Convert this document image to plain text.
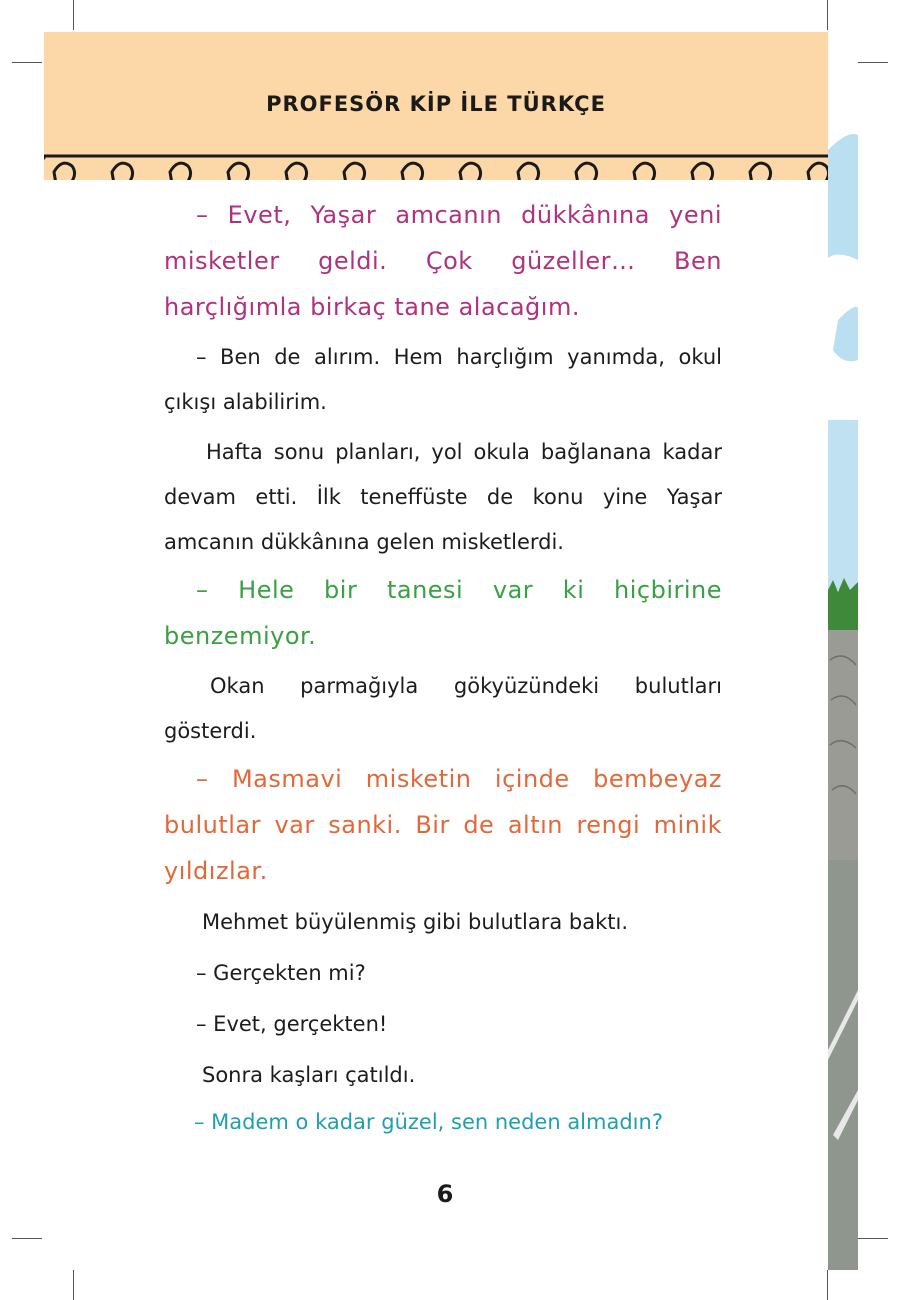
PROFESÖR KİP İLE TÜRKÇE

– Evet, Yaşar amcanın dükkânına yeni misketler geldi. Çok güzeller… Ben harçlığımla birkaç tane alacağım.

– Ben de alırım. Hem harçlığım yanımda, okul çıkışı alabilirim.

Hafta sonu planları, yol okula bağlanana kadar devam etti. İlk teneffüste de konu yine Yaşar amcanın dükkânına gelen misketlerdi.

– Hele bir tanesi var ki hiçbirine benzemiyor.

Okan parmağıyla gökyüzündeki bulutları gösterdi.

– Masmavi misketin içinde bembeyaz bulutlar var sanki. Bir de altın rengi minik yıldızlar.

Mehmet büyülenmiş gibi bulutlara baktı.

– Gerçekten mi?

– Evet, gerçekten!

Sonra kaşları çatıldı.

– Madem o kadar güzel, sen neden almadın?

6
